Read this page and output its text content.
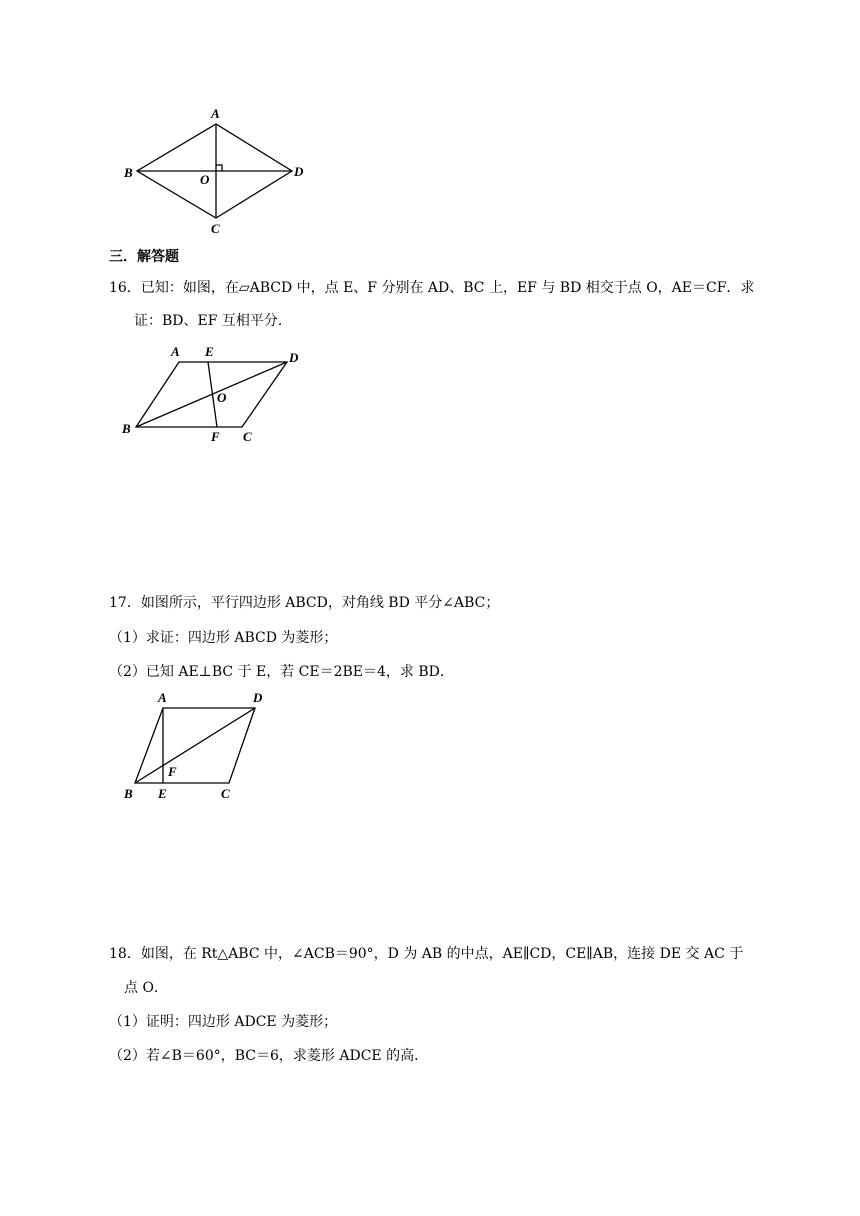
A
B	O
D
C
三．解答题
16．已知：如图，在▱ABCD 中，点 E、F 分别在 AD、BC 上，EF 与 BD 相交于点 O，AE＝CF．求
证：BD、EF 互相平分．
A E	D
O
B
F C
17．如图所示，平行四边形 ABCD，对角线 BD 平分∠ABC；
（1）求证：四边形 ABCD 为菱形；
（2）已知 AE⊥BC 于 E，若 CE＝2BE＝4，求 BD．
A	D
F
B E	C
18．如图，在 Rt△ABC 中，∠ACB＝90°，D 为 AB 的中点，AE∥CD，CE∥AB，连接 DE 交 AC 于
点 O．
（1）证明：四边形 ADCE 为菱形；
（2）若∠B＝60°，BC＝6，求菱形 ADCE 的高．
